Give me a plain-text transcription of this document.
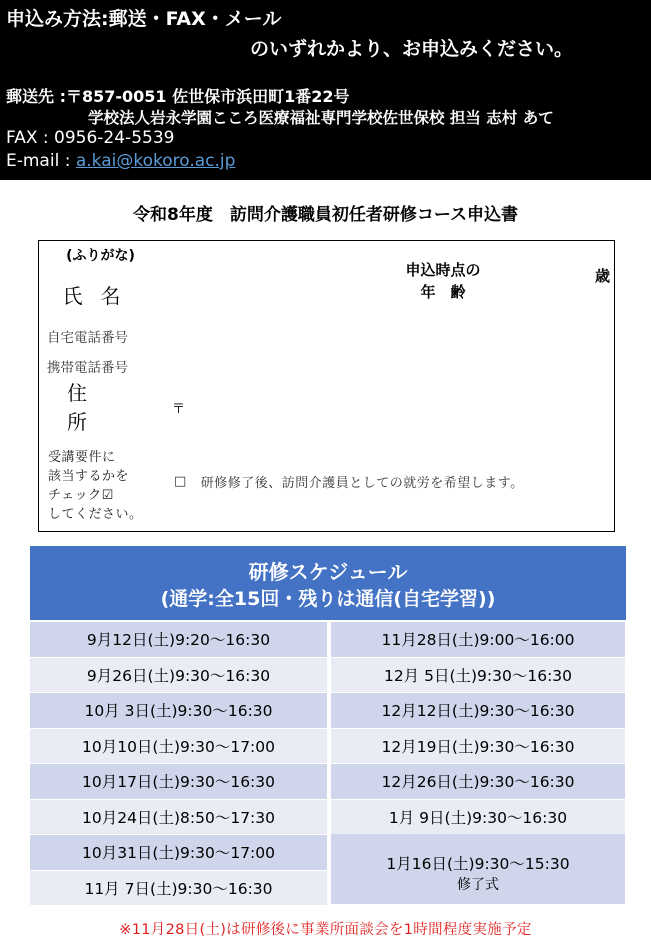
申込み方法:郵送・FAX・メール
のいずれかより、お申込みください。
郵送先 :〒857-0051 佐世保市浜田町1番22号
学校法人岩永学園こころ医療福祉専門学校佐世保校 担当 志村 あて
FAX : 0956-24-5539
E-mail : a.kai@kokoro.ac.jp
令和8年度　訪問介護職員初任者研修コース申込書
(ふりがな)
氏名
申込時点の
年　齢
歳
自宅電話番号
携帯電話番号
住所
〒
受講要件に
該当するかを
チェック☑
してください。
□ 研修修了後、訪問介護員としての就労を希望します。
研修スケジュール
(通学:全15回・残りは通信(自宅学習))
9月12日(土)9:20〜16:30
9月26日(土)9:30〜16:30
10月 3日(土)9:30〜16:30
10月10日(土)9:30〜17:00
10月17日(土)9:30〜16:30
10月24日(土)8:50〜17:30
10月31日(土)9:30〜17:00
11月 7日(土)9:30〜16:30
11月28日(土)9:00〜16:00
12月 5日(土)9:30〜16:30
12月12日(土)9:30〜16:30
12月19日(土)9:30〜16:30
12月26日(土)9:30〜16:30
1月 9日(土)9:30〜16:30
1月16日(土)9:30〜15:30
修了式
※11月28日(土)は研修後に事業所面談会を1時間程度実施予定
